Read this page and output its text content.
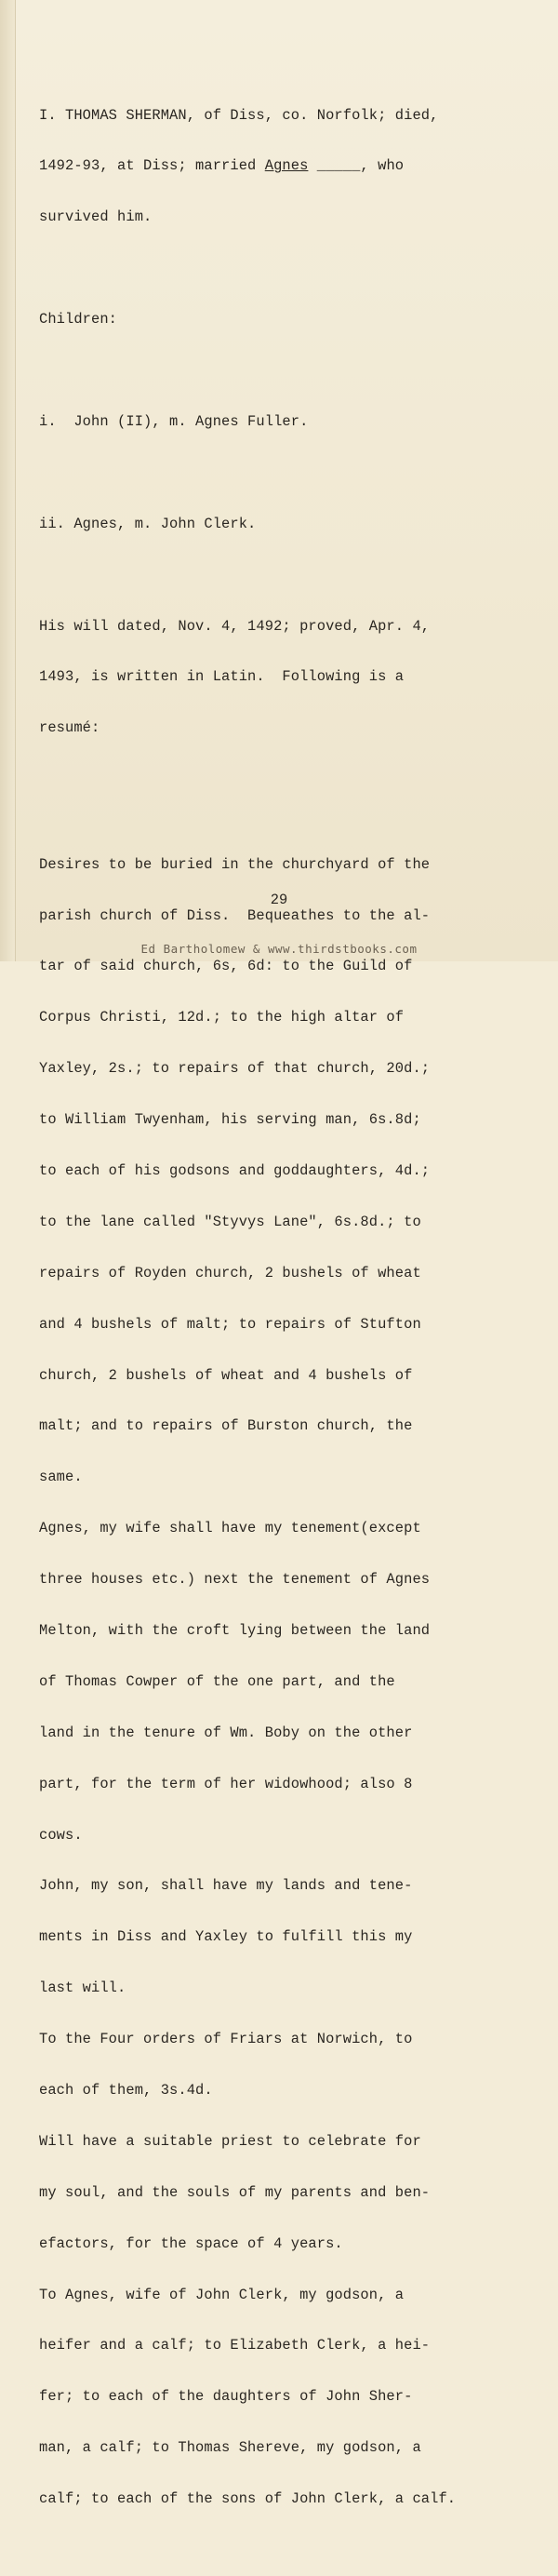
I. THOMAS SHERMAN, of Diss, co. Norfolk; died,

1492-93, at Diss; married Agnes _____, who

survived him.

Children:

i.  John (II), m. Agnes Fuller.

ii. Agnes, m. John Clerk.

His will dated, Nov. 4, 1492; proved, Apr. 4,

1493, is written in Latin.  Following is a

resumé:

Desires to be buried in the churchyard of the

parish church of Diss.  Bequeathes to the al-

tar of said church, 6s, 6d: to the Guild of

Corpus Christi, 12d.; to the high altar of

Yaxley, 2s.; to repairs of that church, 20d.;

to William Twyenham, his serving man, 6s.8d;

to each of his godsons and goddaughters, 4d.;

to the lane called "Styvys Lane", 6s.8d.; to

repairs of Royden church, 2 bushels of wheat

and 4 bushels of malt; to repairs of Stufton

church, 2 bushels of wheat and 4 bushels of

malt; and to repairs of Burston church, the

same.

Agnes, my wife shall have my tenement(except

three houses etc.) next the tenement of Agnes

Melton, with the croft lying between the land

of Thomas Cowper of the one part, and the

land in the tenure of Wm. Boby on the other

part, for the term of her widowhood; also 8

cows.

John, my son, shall have my lands and tene-

ments in Diss and Yaxley to fulfill this my

last will.

To the Four orders of Friars at Norwich, to

each of them, 3s.4d.

Will have a suitable priest to celebrate for

my soul, and the souls of my parents and ben-

efactors, for the space of 4 years.

To Agnes, wife of John Clerk, my godson, a

heifer and a calf; to Elizabeth Clerk, a hei-

fer; to each of the daughters of John Sher-

man, a calf; to Thomas Shereve, my godson, a

calf; to each of the sons of John Clerk, a calf.

29
Ed Bartholomew & www.thirdstbooks.com
